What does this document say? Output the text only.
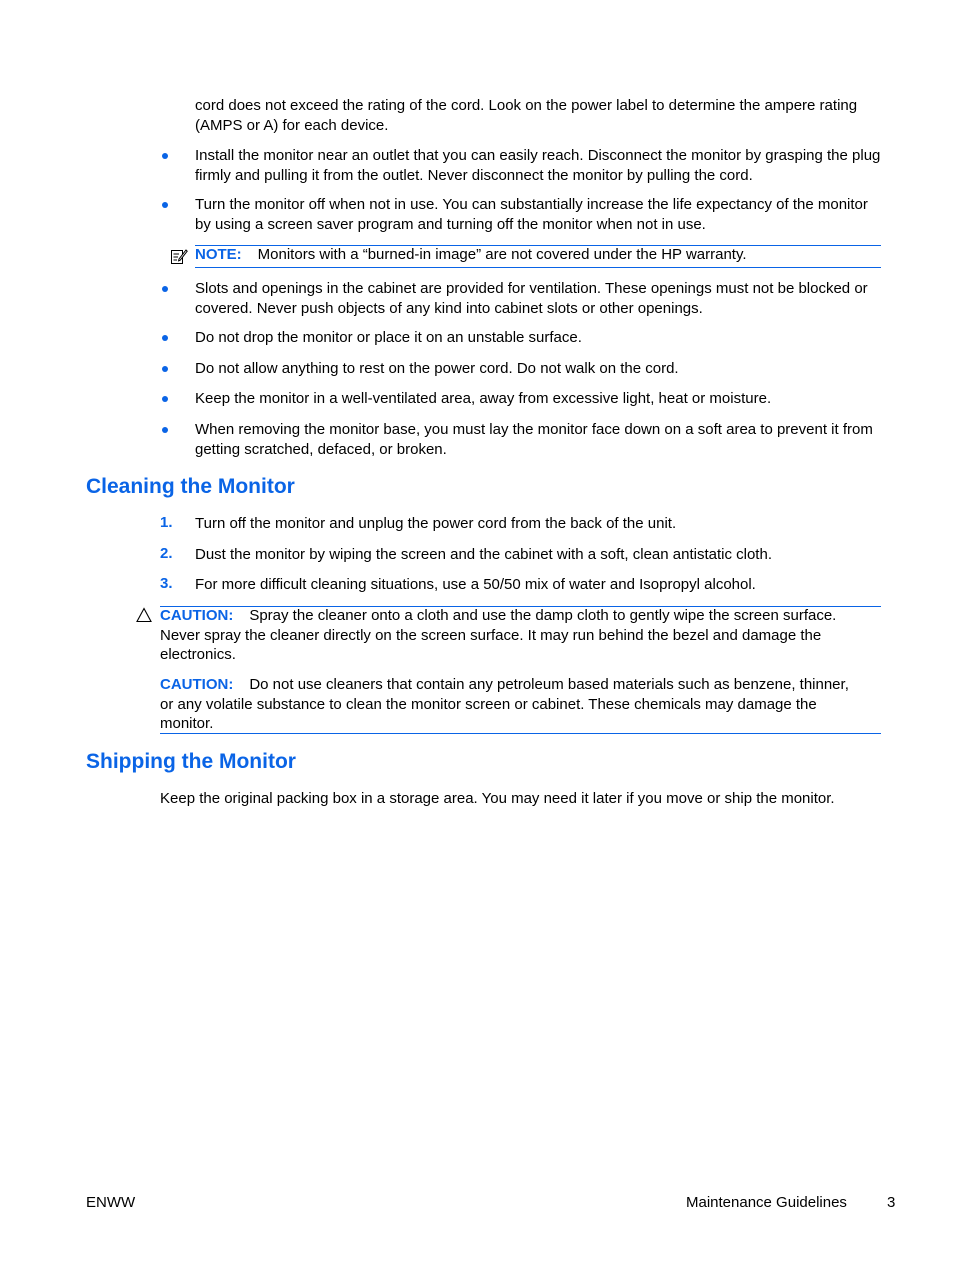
cord does not exceed the rating of the cord. Look on the power label to determine the ampere rating (AMPS or A) for each device.

Install the monitor near an outlet that you can easily reach. Disconnect the monitor by grasping the plug firmly and pulling it from the outlet. Never disconnect the monitor by pulling the cord.

Turn the monitor off when not in use. You can substantially increase the life expectancy of the monitor by using a screen saver program and turning off the monitor when not in use.

NOTE: Monitors with a “burned-in image” are not covered under the HP warranty.

Slots and openings in the cabinet are provided for ventilation. These openings must not be blocked or covered. Never push objects of any kind into cabinet slots or other openings.

Do not drop the monitor or place it on an unstable surface.

Do not allow anything to rest on the power cord. Do not walk on the cord.

Keep the monitor in a well-ventilated area, away from excessive light, heat or moisture.

When removing the monitor base, you must lay the monitor face down on a soft area to prevent it from getting scratched, defaced, or broken.

Cleaning the Monitor
1. Turn off the monitor and unplug the power cord from the back of the unit.

2. Dust the monitor by wiping the screen and the cabinet with a soft, clean antistatic cloth.

3. For more difficult cleaning situations, use a 50/50 mix of water and Isopropyl alcohol.

CAUTION: Spray the cleaner onto a cloth and use the damp cloth to gently wipe the screen surface. Never spray the cleaner directly on the screen surface. It may run behind the bezel and damage the electronics.

CAUTION: Do not use cleaners that contain any petroleum based materials such as benzene, thinner, or any volatile substance to clean the monitor screen or cabinet. These chemicals may damage the monitor.

Shipping the Monitor

Keep the original packing box in a storage area. You may need it later if you move or ship the monitor.

ENWW	Maintenance Guidelines	3
